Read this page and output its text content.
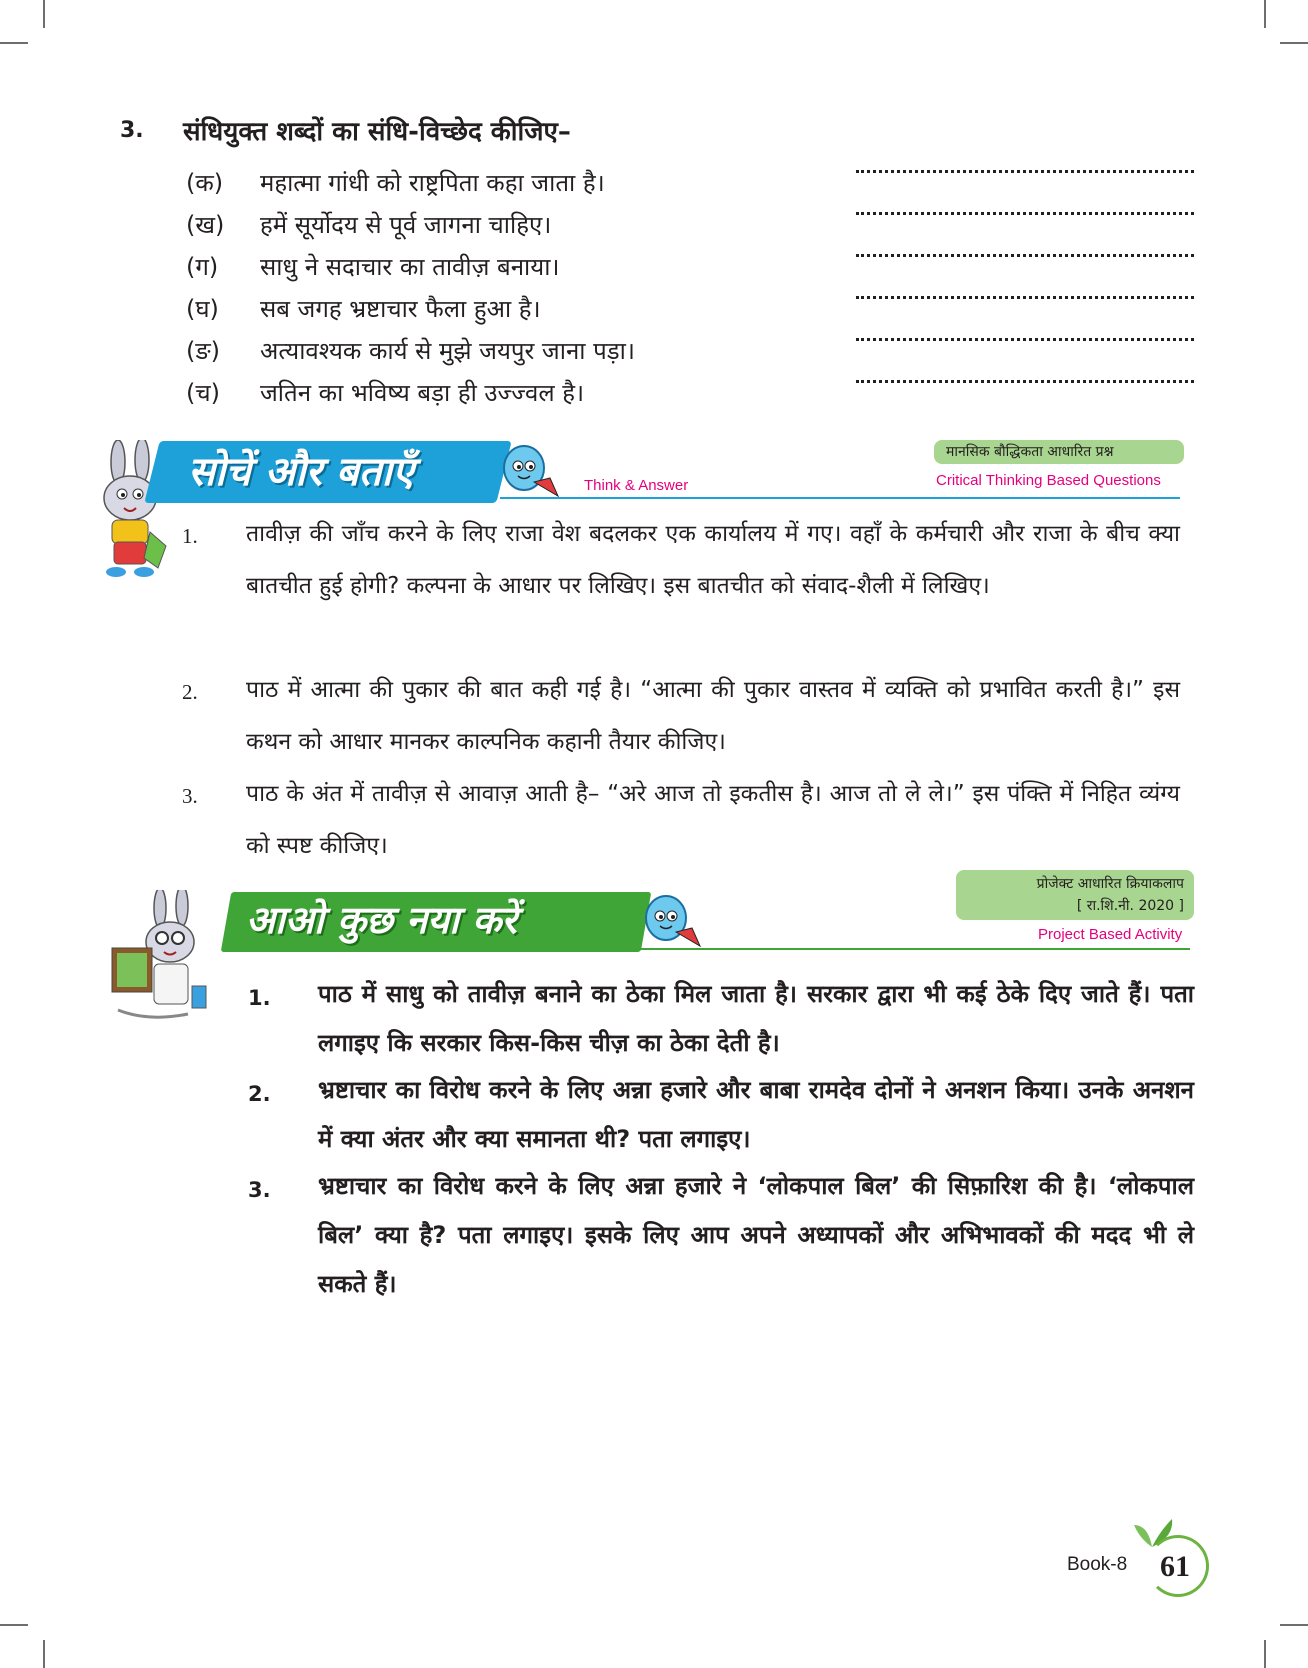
3. संधियुक्त शब्दों का संधि-विच्छेद कीजिए–
(क) महात्मा गांधी को राष्ट्रपिता कहा जाता है।
(ख) हमें सूर्योदय से पूर्व जागना चाहिए।
(ग) साधु ने सदाचार का तावीज़ बनाया।
(घ) सब जगह भ्रष्टाचार फैला हुआ है।
(ङ) अत्यावश्यक कार्य से मुझे जयपुर जाना पड़ा।
(च) जतिन का भविष्य बड़ा ही उज्ज्वल है।
सोचें और बताएँ	Think & Answer
मानसिक बौद्धिकता आधारित प्रश्न
Critical Thinking Based Questions
1. तावीज़ की जाँच करने के लिए राजा वेश बदलकर एक कार्यालय में गए। वहाँ के कर्मचारी और राजा के बीच क्या बातचीत हुई होगी? कल्पना के आधार पर लिखिए। इस बातचीत को संवाद-शैली में लिखिए।
2. पाठ में आत्मा की पुकार की बात कही गई है। “आत्मा की पुकार वास्तव में व्यक्ति को प्रभावित करती है।” इस कथन को आधार मानकर काल्पनिक कहानी तैयार कीजिए।
3. पाठ के अंत में तावीज़ से आवाज़ आती है– “अरे आज तो इकतीस है। आज तो ले ले।” इस पंक्ति में निहित व्यंग्य को स्पष्ट कीजिए।
आओ कुछ नया करें
प्रोजेक्ट आधारित क्रियाकलाप
[ रा.शि.नी. 2020 ]
Project Based Activity
1. पाठ में साधु को तावीज़ बनाने का ठेका मिल जाता है। सरकार द्वारा भी कई ठेके दिए जाते हैं। पता लगाइए कि सरकार किस-किस चीज़ का ठेका देती है।
2. भ्रष्टाचार का विरोध करने के लिए अन्ना हजारे और बाबा रामदेव दोनों ने अनशन किया। उनके अनशन में क्या अंतर और क्या समानता थी? पता लगाइए।
3. भ्रष्टाचार का विरोध करने के लिए अन्ना हजारे ने ‘लोकपाल बिल’ की सिफ़ारिश की है। ‘लोकपाल बिल’ क्या है? पता लगाइए। इसके लिए आप अपने अध्यापकों और अभिभावकों की मदद भी ले सकते हैं।
Book-8 61
